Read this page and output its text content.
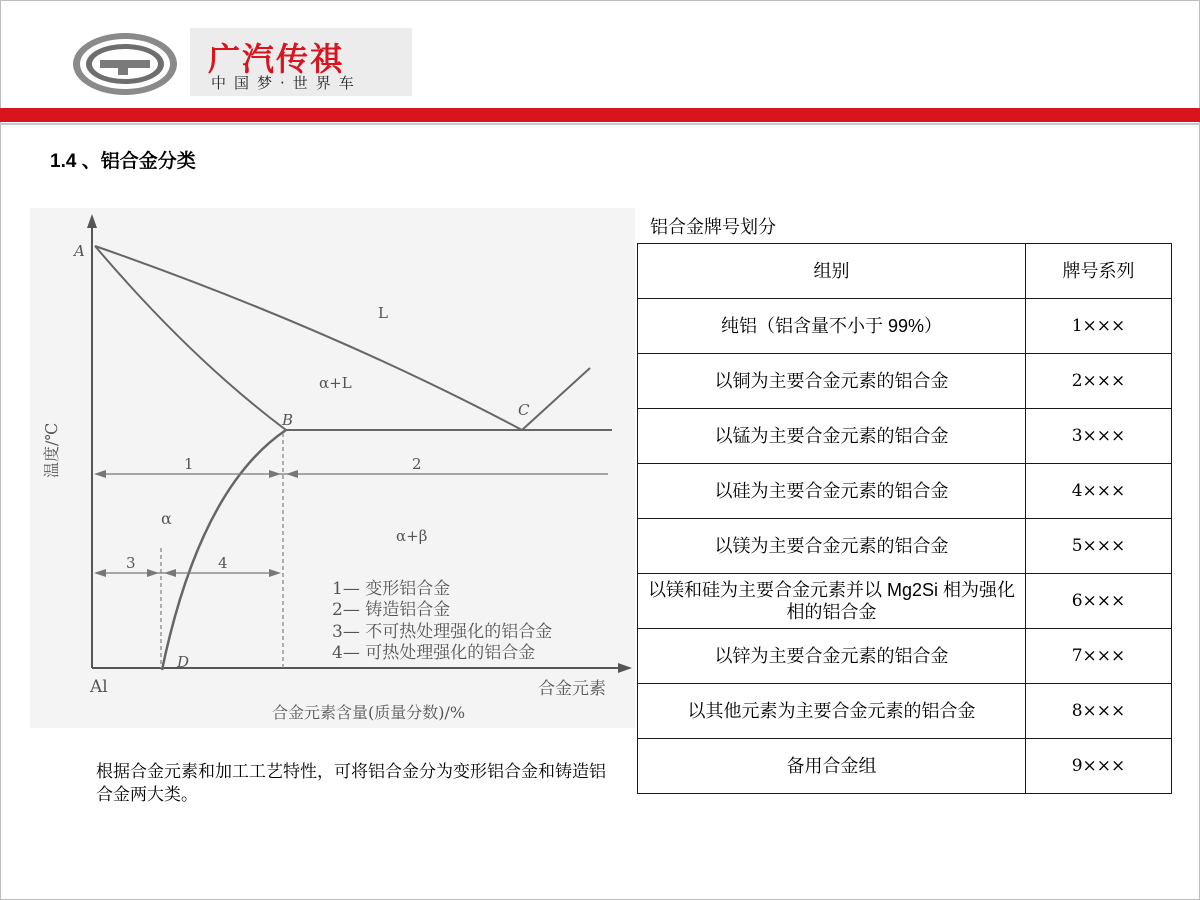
广汽传祺
中国梦·世界车
1.4 、铝合金分类
A
B
C
D
L
α+L
α
α+β
1	2
3	4
1— 变形铝合金
2— 铸造铝合金
3— 不可热处理强化的铝合金
4— 可热处理强化的铝合金
温度/℃
Al	合金元素
合金元素含量(质量分数)/%
根据合金元素和加工工艺特性，可将铝合金分为变形铝合金和铸造铝合金两大类。
铝合金牌号划分
组别	牌号系列
纯铝（铝含量不小于 99%）	1×××
以铜为主要合金元素的铝合金	2×××
以锰为主要合金元素的铝合金	3×××
以硅为主要合金元素的铝合金	4×××
以镁为主要合金元素的铝合金	5×××
以镁和硅为主要合金元素并以 Mg2Si 相为强化相的铝合金	6×××
以锌为主要合金元素的铝合金	7×××
以其他元素为主要合金元素的铝合金	8×××
备用合金组	9×××
